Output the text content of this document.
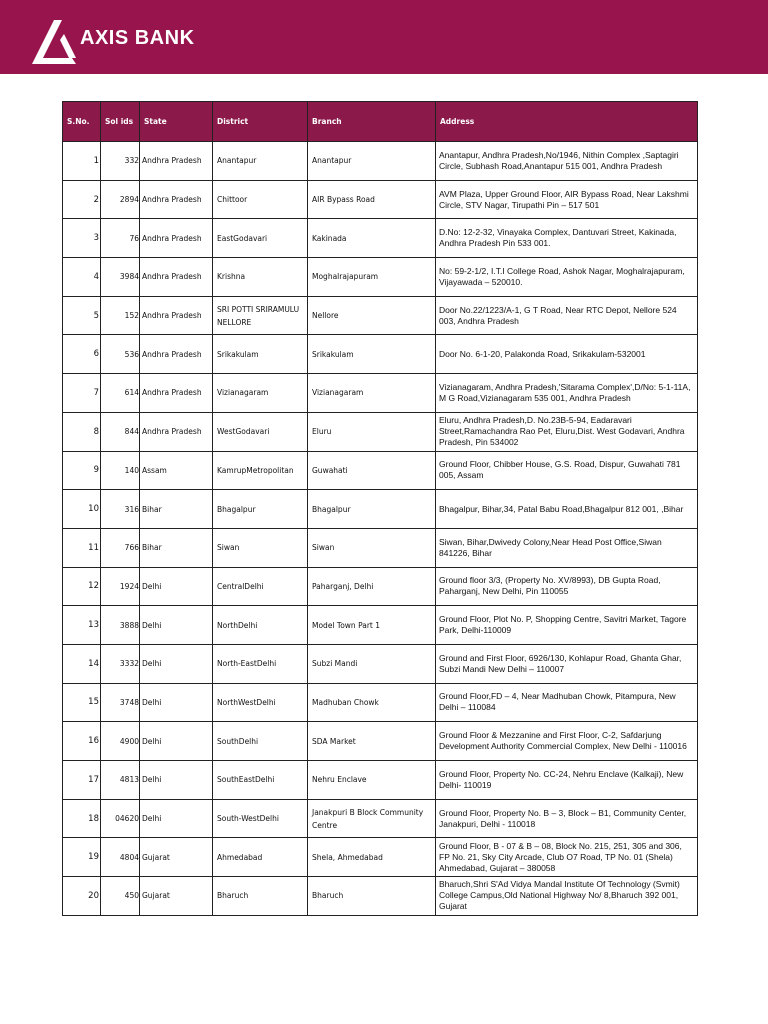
AXIS BANK
S.No.	Sol ids	State	District	Branch	Address
1	332	Andhra Pradesh	Anantapur	Anantapur	Anantapur, Andhra Pradesh,No/1946, Nithin Complex ,Saptagiri Circle, Subhash Road,Anantapur 515 001, Andhra Pradesh
2	2894	Andhra Pradesh	Chittoor	AIR Bypass Road	AVM Plaza, Upper Ground Floor, AIR Bypass Road, Near Lakshmi Circle, STV Nagar, Tirupathi Pin – 517 501
3	76	Andhra Pradesh	EastGodavari	Kakinada	D.No: 12-2-32, Vinayaka Complex, Dantuvari Street, Kakinada, Andhra Pradesh Pin 533 001.
4	3984	Andhra Pradesh	Krishna	Moghalrajapuram	No: 59-2-1/2, I.T.I College Road, Ashok Nagar, Moghalrajapuram, Vijayawada – 520010.
5	152	Andhra Pradesh	SRI POTTI SRIRAMULU NELLORE	Nellore	Door No.22/1223/A-1, G T Road, Near RTC Depot, Nellore 524 003, Andhra Pradesh
6	536	Andhra Pradesh	Srikakulam	Srikakulam	Door No. 6-1-20, Palakonda Road, Srikakulam-532001
7	614	Andhra Pradesh	Vizianagaram	Vizianagaram	Vizianagaram, Andhra Pradesh,'Sitarama Complex',D/No: 5-1-11A, M G Road,Vizianagaram 535 001, Andhra Pradesh
8	844	Andhra Pradesh	WestGodavari	Eluru	Eluru, Andhra Pradesh,D. No.23B-5-94, Eadaravari Street,Ramachandra Rao Pet, Eluru,Dist. West Godavari, Andhra Pradesh, Pin 534002
9	140	Assam	KamrupMetropolitan	Guwahati	Ground Floor, Chibber House, G.S. Road, Dispur, Guwahati 781 005, Assam
10	316	Bihar	Bhagalpur	Bhagalpur	Bhagalpur, Bihar,34, Patal Babu Road,Bhagalpur 812 001, ,Bihar
11	766	Bihar	Siwan	Siwan	Siwan, Bihar,Dwivedy Colony,Near Head Post Office,Siwan 841226, Bihar
12	1924	Delhi	CentralDelhi	Paharganj, Delhi	Ground floor 3/3, (Property No. XV/8993), DB Gupta Road, Paharganj, New Delhi, Pin 110055
13	3888	Delhi	NorthDelhi	Model Town Part 1	Ground Floor, Plot No. P, Shopping Centre, Savitri Market, Tagore Park, Delhi-110009
14	3332	Delhi	North-EastDelhi	Subzi Mandi	Ground and First Floor, 6926/130, Kohlapur Road, Ghanta Ghar, Subzi Mandi New Delhi – 110007
15	3748	Delhi	NorthWestDelhi	Madhuban Chowk	Ground Floor,FD – 4, Near Madhuban Chowk, Pitampura, New Delhi – 110084
16	4900	Delhi	SouthDelhi	SDA Market	Ground Floor & Mezzanine and First Floor, C-2, Safdarjung Development Authority Commercial Complex, New Delhi - 110016
17	4813	Delhi	SouthEastDelhi	Nehru Enclave	Ground Floor, Property No. CC-24, Nehru Enclave (Kalkaji), New Delhi- 110019
18	04620	Delhi	South-WestDelhi	Janakpuri B Block Community Centre	Ground Floor, Property No. B – 3, Block – B1, Community Center, Janakpuri, Delhi - 110018
19	4804	Gujarat	Ahmedabad	Shela, Ahmedabad	Ground Floor, B - 07 & B – 08, Block No. 215, 251, 305 and 306, FP No. 21, Sky City Arcade, Club O7 Road, TP No. 01 (Shela) Ahmedabad, Gujarat – 380058
20	450	Gujarat	Bharuch	Bharuch	Bharuch,Shri S'Ad Vidya Mandal Institute Of Technology (Svmit) College Campus,Old National Highway No/ 8,Bharuch 392 001, Gujarat
